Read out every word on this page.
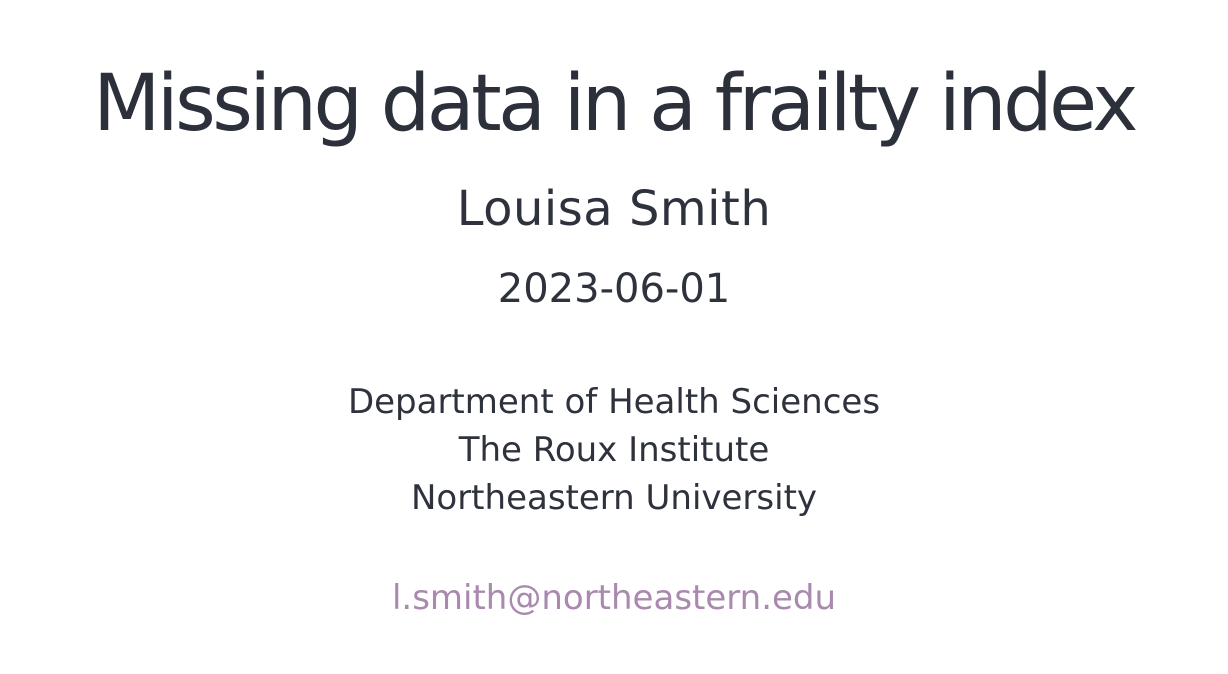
Missing data in a frailty index
Louisa Smith
2023-06-01
Department of Health Sciences
The Roux Institute
Northeastern University
l.smith@northeastern.edu
